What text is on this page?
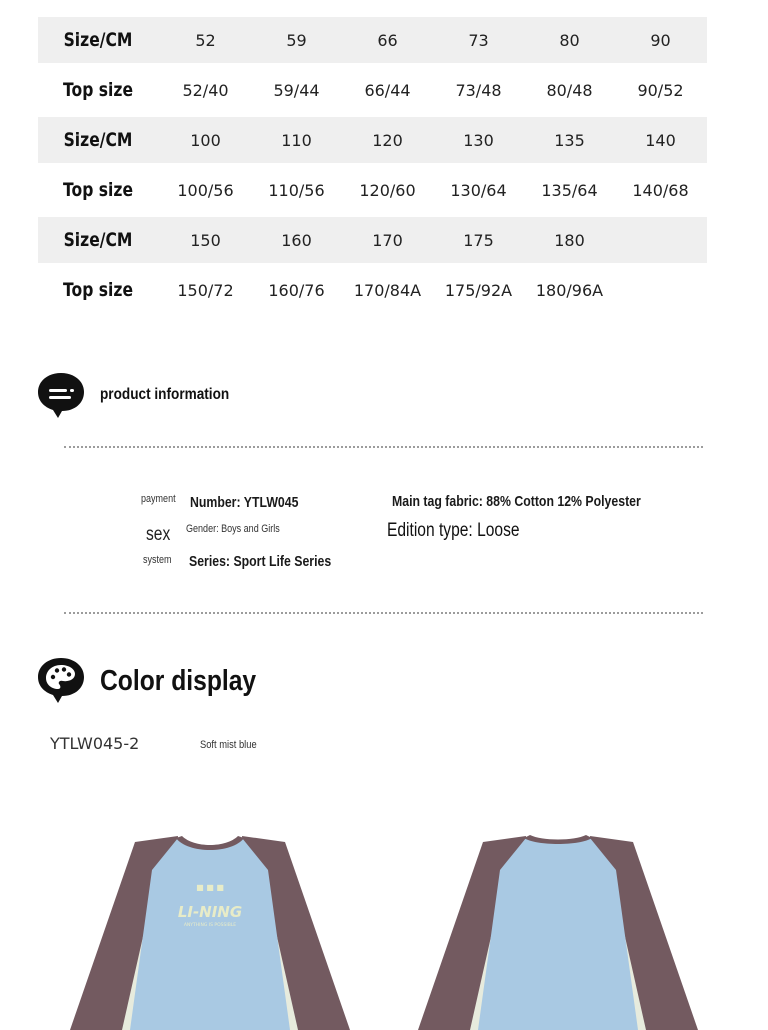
Size/CM	52	59	66	73	80	90
Top size	52/40	59/44	66/44	73/48	80/48	90/52
Size/CM	100	110	120	130	135	140
Top size	100/56	110/56	120/60	130/64	135/64	140/68
Size/CM	150	160	170	175	180
Top size	150/72	160/76	170/84A	175/92A	180/96A
product information
payment Number: YTLW045	Main tag fabric: 88% Cotton 12% Polyester
sex Gender: Boys and Girls	Edition type: Loose
system Series: Sport Life Series
Color display
YTLW045-2	Soft mist blue
■ ■ ■
LI-NING
ANYTHING IS POSSIBLE
